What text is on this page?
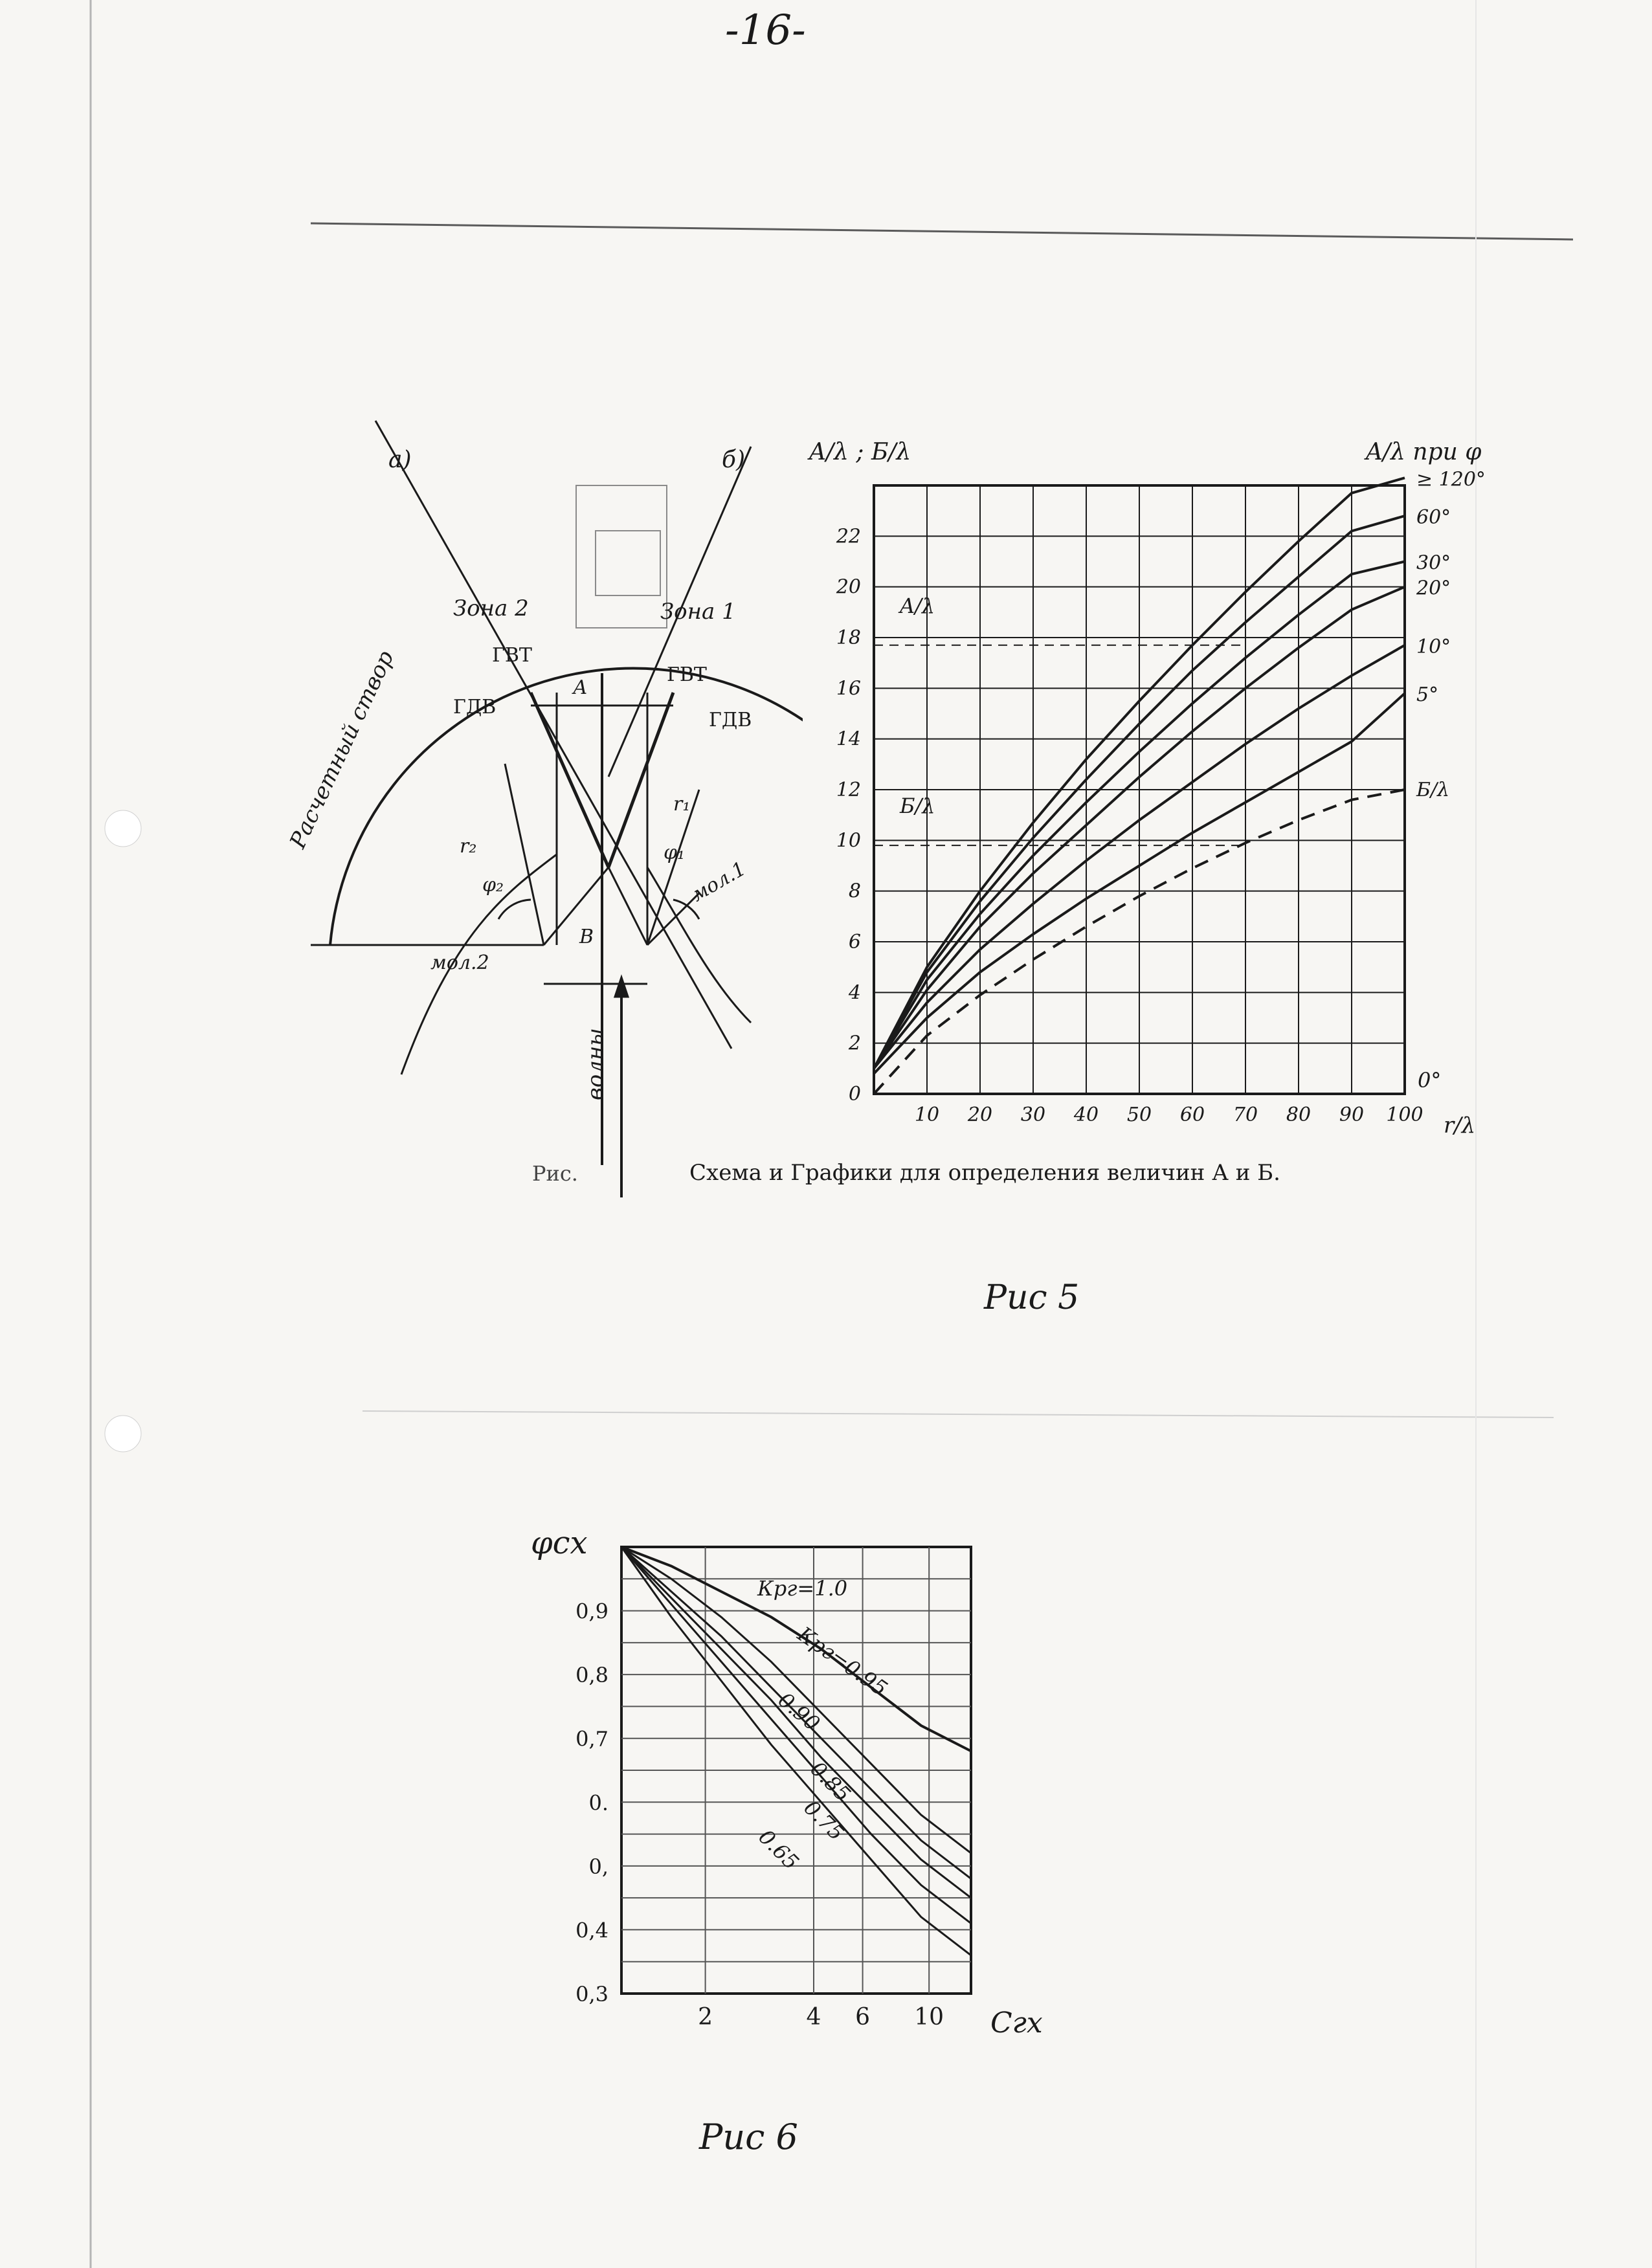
-16-
а)	б)
Зона 2	Зона 1
ГВТ
ГВТ
ГДВ
ГДВ
А
В
r₁
r₂	φ₁
φ₂	мол.1
мол.2
Расчетный створ
волны
10 20 30 40 50 60 70 80 90 100
0
2
4
6
8
10
12
14
16
18
20
22
A/λ ; Б/λ
r/λ
A/λ при φ
0°
≥ 120°
60°
30°
20°
10°
5°
Б/λ
A/λ
Б/λ
Рис.	Схема и Графики для определения величин А и Б.
Рис 5
2	4 6 10
0,3
0,4
0,
0.
0,7
0,8
0,9
φсх
Сгх
Крг=1.0
Крг=0.95
0.90
0.85
0.75
0.65
Рис 6
